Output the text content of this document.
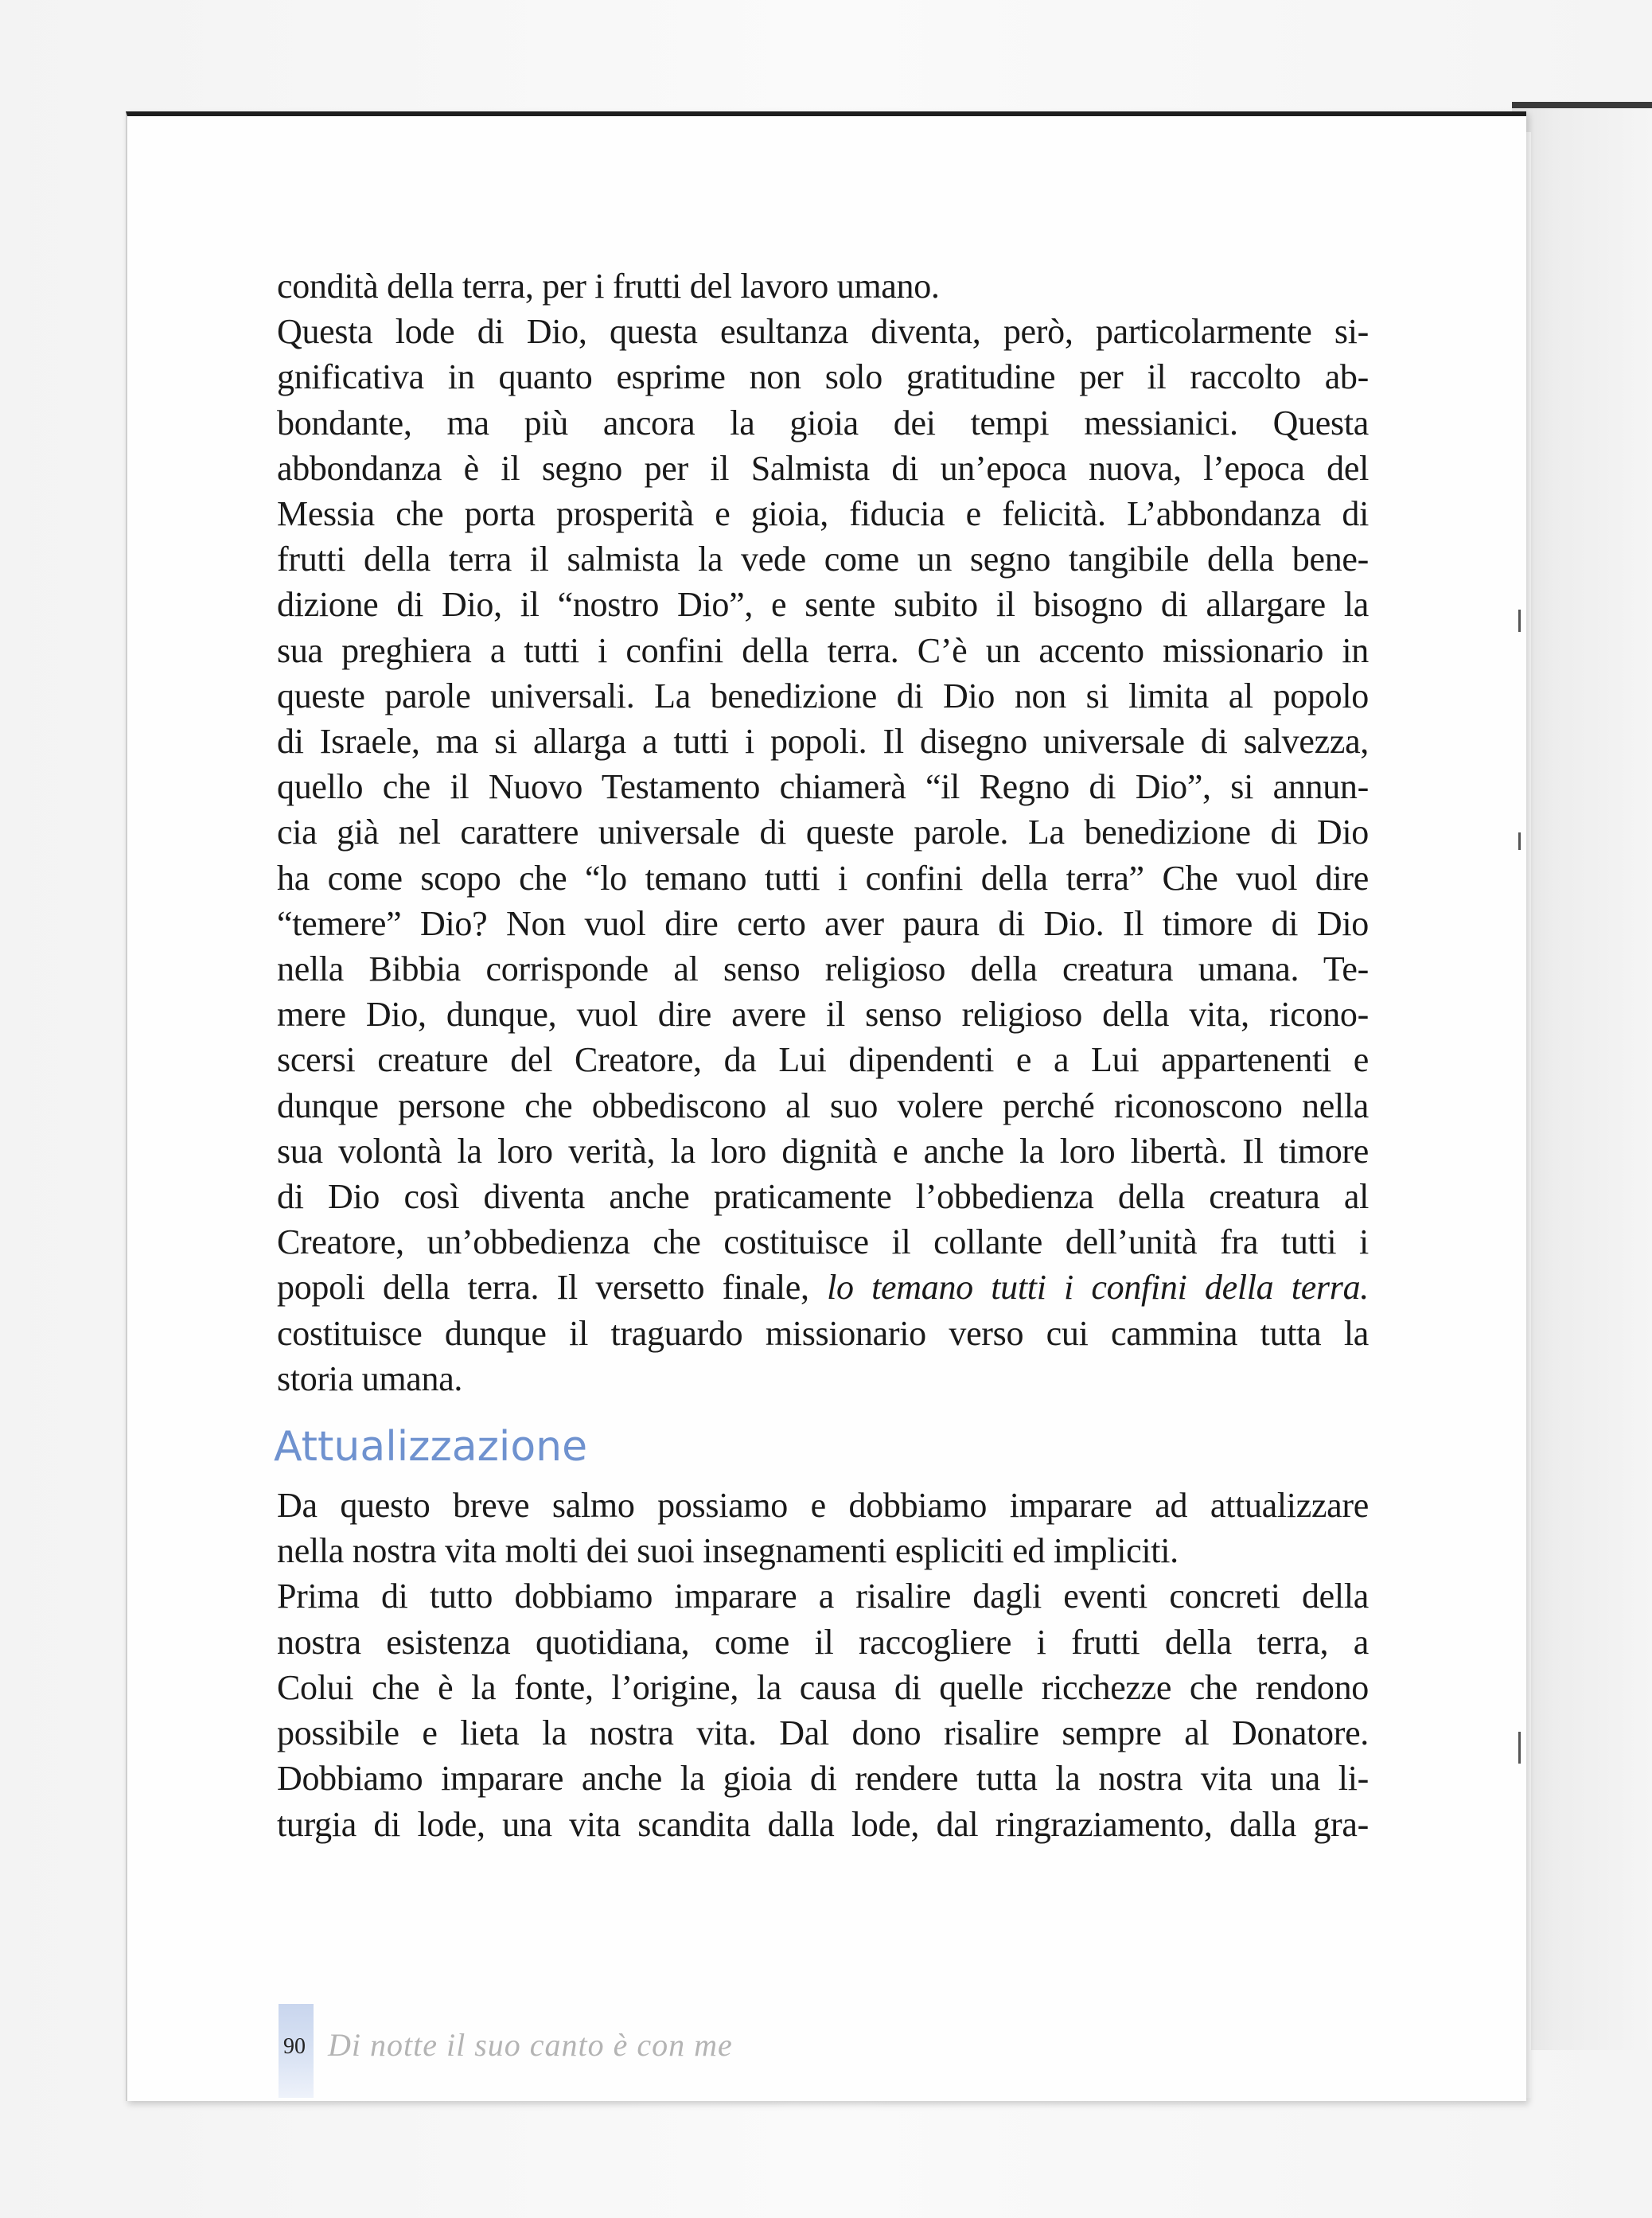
condità della terra, per i frutti del lavoro umano.
Questa lode di Dio, questa esultanza diventa, però, particolarmente si-
gnificativa in quanto esprime non solo gratitudine per il raccolto ab-
bondante, ma più ancora la gioia dei tempi messianici. Questa
abbondanza è il segno per il Salmista di un’epoca nuova, l’epoca del
Messia che porta prosperità e gioia, fiducia e felicità. L’abbondanza di
frutti della terra il salmista la vede come un segno tangibile della bene-
dizione di Dio, il “nostro Dio”, e sente subito il bisogno di allargare la
sua preghiera a tutti i confini della terra. C’è un accento missionario in
queste parole universali. La benedizione di Dio non si limita al popolo
di Israele, ma si allarga a tutti i popoli. Il disegno universale di salvezza,
quello che il Nuovo Testamento chiamerà “il Regno di Dio”, si annun-
cia già nel carattere universale di queste parole. La benedizione di Dio
ha come scopo che “lo temano tutti i confini della terra” Che vuol dire
“temere” Dio? Non vuol dire certo aver paura di Dio. Il timore di Dio
nella Bibbia corrisponde al senso religioso della creatura umana. Te-
mere Dio, dunque, vuol dire avere il senso religioso della vita, ricono-
scersi creature del Creatore, da Lui dipendenti e a Lui appartenenti e
dunque persone che obbediscono al suo volere perché riconoscono nella
sua volontà la loro verità, la loro dignità e anche la loro libertà. Il timore
di Dio così diventa anche praticamente l’obbedienza della creatura al
Creatore, un’obbedienza che costituisce il collante dell’unità fra tutti i
popoli della terra. Il versetto finale, lo temano tutti i confini della terra.
costituisce dunque il traguardo missionario verso cui cammina tutta la
storia umana.
Attualizzazione
Da questo breve salmo possiamo e dobbiamo imparare ad attualizzare
nella nostra vita molti dei suoi insegnamenti espliciti ed impliciti.
Prima di tutto dobbiamo imparare a risalire dagli eventi concreti della
nostra esistenza quotidiana, come il raccogliere i frutti della terra, a
Colui che è la fonte, l’origine, la causa di quelle ricchezze che rendono
possibile e lieta la nostra vita. Dal dono risalire sempre al Donatore.
Dobbiamo imparare anche la gioia di rendere tutta la nostra vita una li-
turgia di lode, una vita scandita dalla lode, dal ringraziamento, dalla gra-
90 Di notte il suo canto è con me
